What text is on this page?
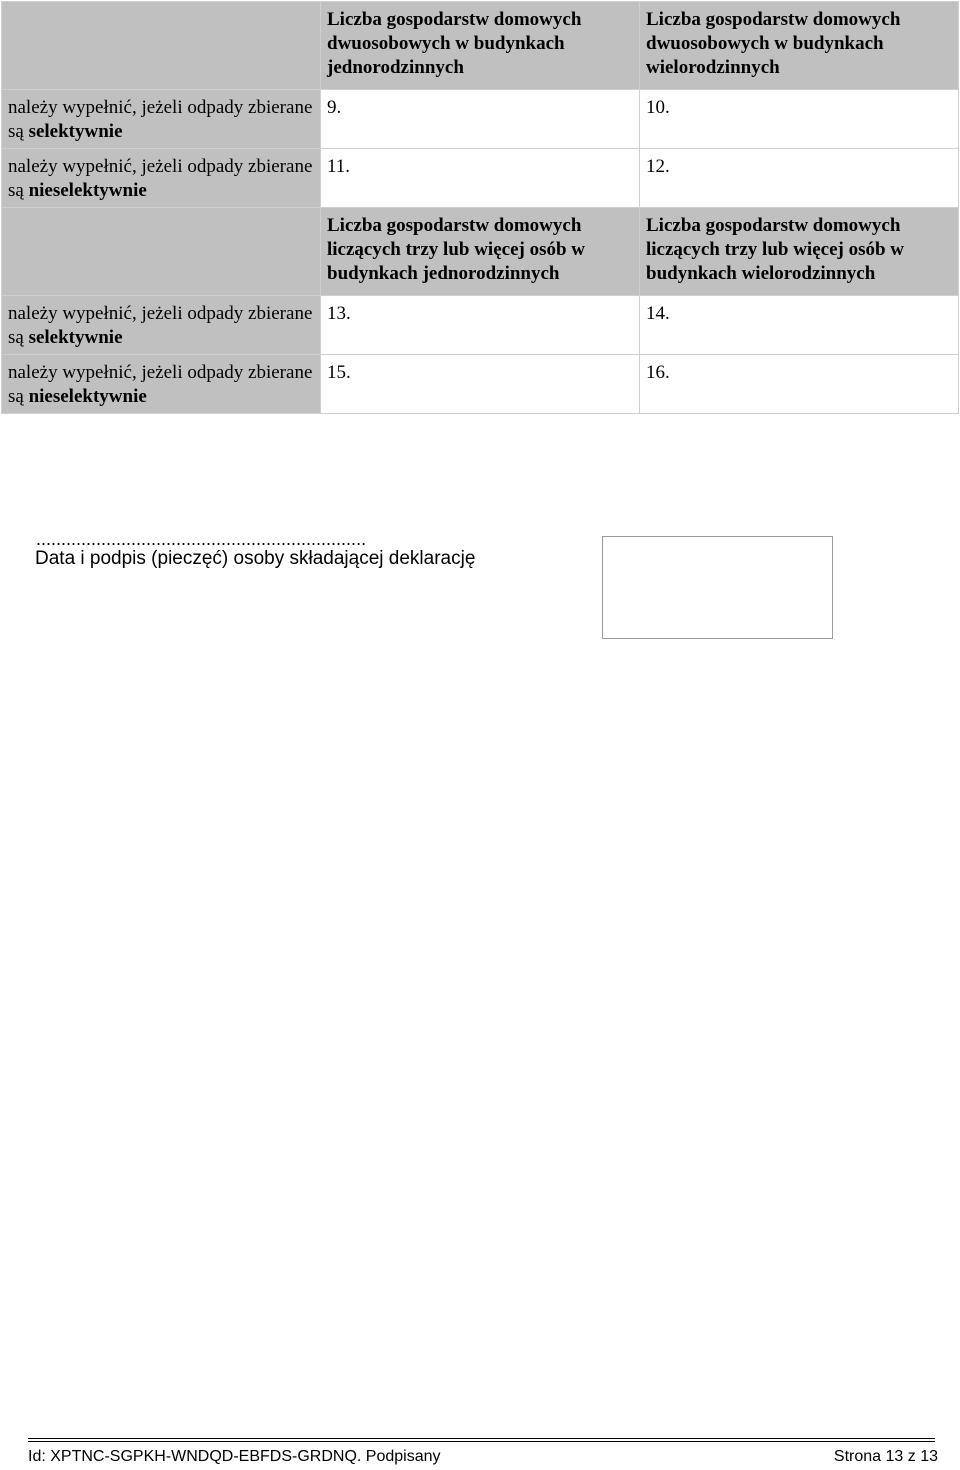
	Liczba gospodarstw domowych dwuosobowych w budynkach jednorodzinnych	Liczba gospodarstw domowych dwuosobowych w budynkach wielorodzinnych
należy wypełnić, jeżeli odpady zbierane są selektywnie	9.	10.
należy wypełnić, jeżeli odpady zbierane są nieselektywnie	11.	12.
	Liczba gospodarstw domowych liczących trzy lub więcej osób w budynkach jednorodzinnych	Liczba gospodarstw domowych liczących trzy lub więcej osób w budynkach wielorodzinnych
należy wypełnić, jeżeli odpady zbierane są selektywnie	13.	14.
należy wypełnić, jeżeli odpady zbierane są nieselektywnie	15.	16.
..................................................................
Data i podpis (pieczęć) osoby składającej deklarację
Id: XPTNC-SGPKH-WNDQD-EBFDS-GRDNQ. Podpisany	Strona 13 z 13
